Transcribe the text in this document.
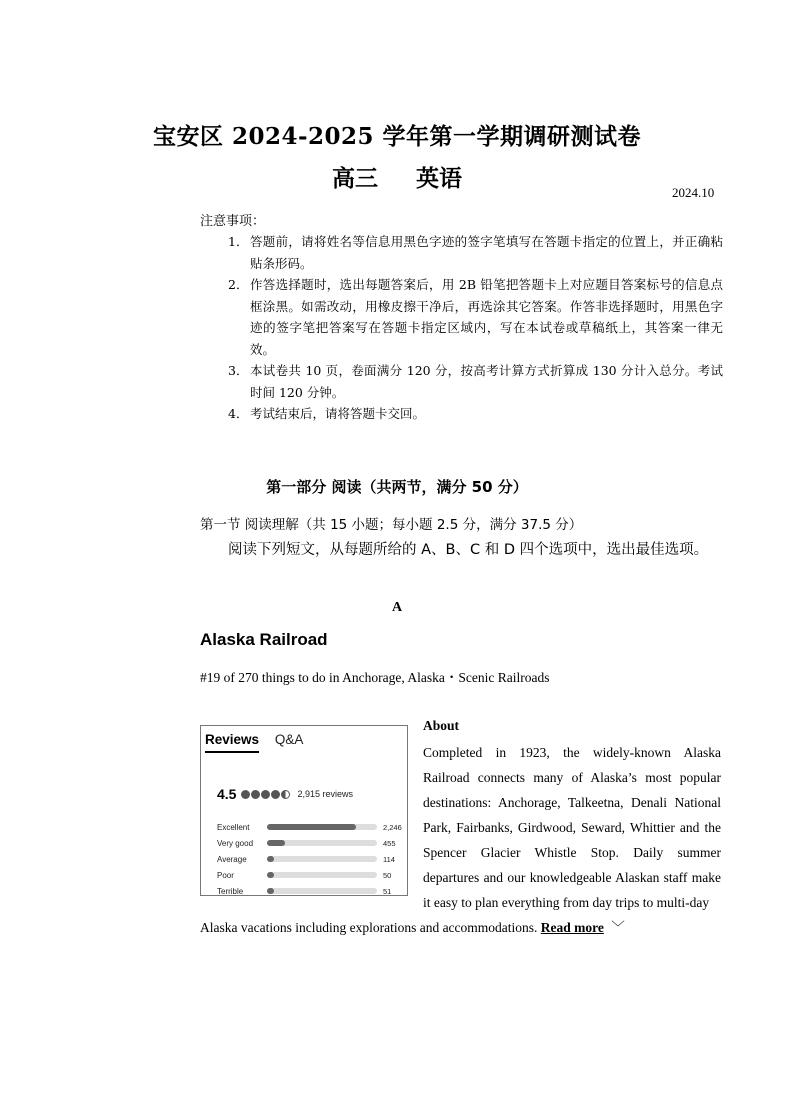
宝安区 2024-2025 学年第一学期调研测试卷
高三 英语
2024.10
注意事项：
1． 答题前，请将姓名等信息用黑色字迹的签字笔填写在答题卡指定的位置上，并正确粘贴条形码。
2． 作答选择题时，选出每题答案后，用 2B 铅笔把答题卡上对应题目答案标号的信息点框涂黑。如需改动，用橡皮擦干净后，再选涂其它答案。作答非选择题时，用黑色字迹的签字笔把答案写在答题卡指定区域内，写在本试卷或草稿纸上，其答案一律无效。
3． 本试卷共 10 页，卷面满分 120 分，按高考计算方式折算成 130 分计入总分。考试时间 120 分钟。
4． 考试结束后，请将答题卡交回。
第一部分 阅读（共两节，满分 50 分）
第一节 阅读理解（共 15 小题；每小题 2.5 分，满分 37.5 分）
阅读下列短文，从每题所给的 A、B、C 和 D 四个选项中，选出最佳选项。
A
Alaska Railroad
#19 of 270 things to do in Anchorage, Alaska・Scenic Railroads
Reviews Q&A
4.5	2,915 reviews
Excellent	2,246
Very good	455
Average	114
Poor	50
Terrible	51
About
Completed in 1923, the widely-known Alaska Railroad connects many of Alaska’s most popular destinations: Anchorage, Talkeetna, Denali National Park, Fairbanks, Girdwood, Seward, Whittier and the Spencer Glacier Whistle Stop. Daily summer departures and our knowledgeable Alaskan staff make it easy to plan everything from day trips to multi-day
Alaska vacations including explorations and accommodations. Read more ﹀
